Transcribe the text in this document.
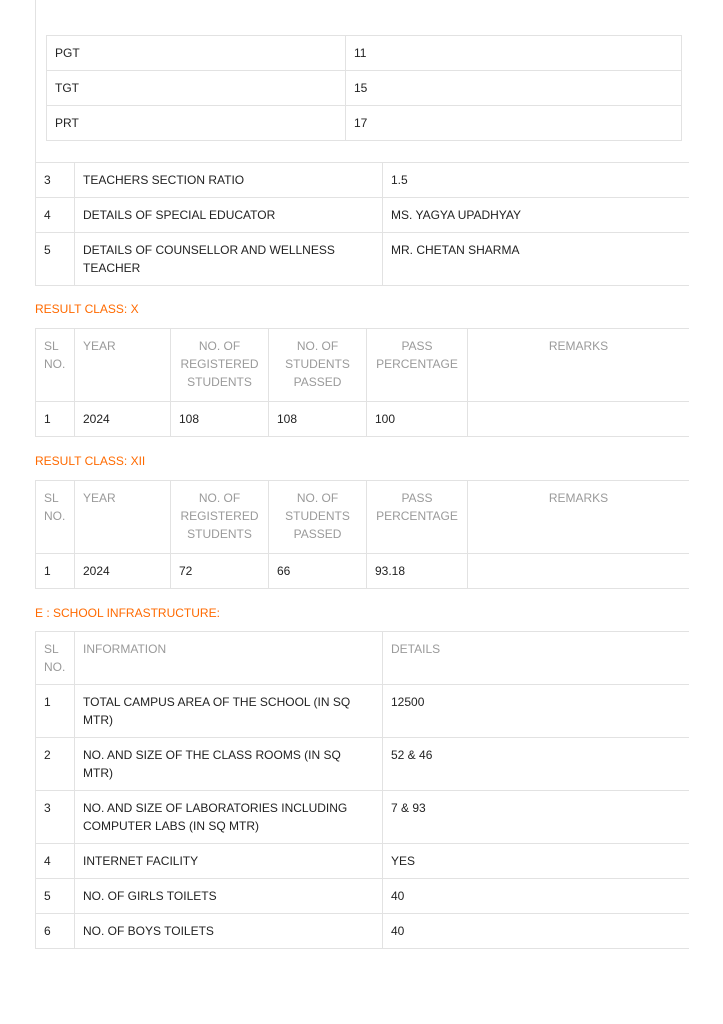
PGT	11
TGT	15
PRT	17
3	TEACHERS SECTION RATIO	1.5
4	DETAILS OF SPECIAL EDUCATOR	MS. YAGYA UPADHYAY
5	DETAILS OF COUNSELLOR AND WELLNESS TEACHER	MR. CHETAN SHARMA
RESULT CLASS: X
SL NO.	YEAR	NO. OF REGISTERED STUDENTS	NO. OF STUDENTS PASSED	PASS PERCENTAGE	REMARKS
1	2024	108	108	100	
RESULT CLASS: XII
SL NO.	YEAR	NO. OF REGISTERED STUDENTS	NO. OF STUDENTS PASSED	PASS PERCENTAGE	REMARKS
1	2024	72	66	93.18	
E : SCHOOL INFRASTRUCTURE:
SL NO.	INFORMATION	DETAILS
1	TOTAL CAMPUS AREA OF THE SCHOOL (IN SQ MTR)	12500
2	NO. AND SIZE OF THE CLASS ROOMS (IN SQ MTR)	52 & 46
3	NO. AND SIZE OF LABORATORIES INCLUDING COMPUTER LABS (IN SQ MTR)	7 & 93
4	INTERNET FACILITY	YES
5	NO. OF GIRLS TOILETS	40
6	NO. OF BOYS TOILETS	40
